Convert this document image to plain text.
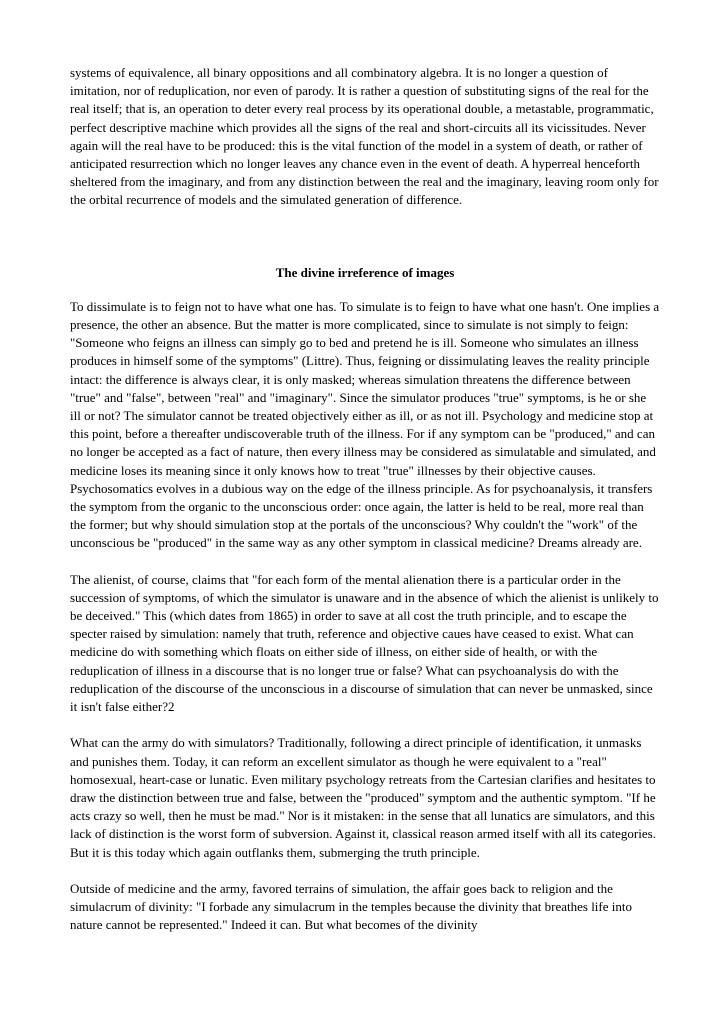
systems of equivalence, all binary oppositions and all combinatory algebra. It is no longer a question of imitation, nor of reduplication, nor even of parody. It is rather a question of substituting signs of the real for the real itself; that is, an operation to deter every real process by its operational double, a metastable, programmatic, perfect descriptive machine which provides all the signs of the real and short-circuits all its vicissitudes. Never again will the real have to be produced: this is the vital function of the model in a system of death, or rather of anticipated resurrection which no longer leaves any chance even in the event of death. A hyperreal henceforth sheltered from the imaginary, and from any distinction between the real and the imaginary, leaving room only for the orbital recurrence of models and the simulated generation of difference.

The divine irreference of images

To dissimulate is to feign not to have what one has. To simulate is to feign to have what one hasn't. One implies a presence, the other an absence. But the matter is more complicated, since to simulate is not simply to feign: "Someone who feigns an illness can simply go to bed and pretend he is ill. Someone who simulates an illness produces in himself some of the symptoms" (Littre). Thus, feigning or dissimulating leaves the reality principle intact: the difference is always clear, it is only masked; whereas simulation threatens the difference between "true" and "false", between "real" and "imaginary". Since the simulator produces "true" symptoms, is he or she ill or not? The simulator cannot be treated objectively either as ill, or as not ill. Psychology and medicine stop at this point, before a thereafter undiscoverable truth of the illness. For if any symptom can be "produced," and can no longer be accepted as a fact of nature, then every illness may be considered as simulatable and simulated, and medicine loses its meaning since it only knows how to treat "true" illnesses by their objective causes. Psychosomatics evolves in a dubious way on the edge of the illness principle. As for psychoanalysis, it transfers the symptom from the organic to the unconscious order: once again, the latter is held to be real, more real than the former; but why should simulation stop at the portals of the unconscious? Why couldn't the "work" of the unconscious be "produced" in the same way as any other symptom in classical medicine? Dreams already are.

The alienist, of course, claims that "for each form of the mental alienation there is a particular order in the succession of symptoms, of which the simulator is unaware and in the absence of which the alienist is unlikely to be deceived." This (which dates from 1865) in order to save at all cost the truth principle, and to escape the specter raised by simulation: namely that truth, reference and objective caues have ceased to exist. What can medicine do with something which floats on either side of illness, on either side of health, or with the reduplication of illness in a discourse that is no longer true or false? What can psychoanalysis do with the reduplication of the discourse of the unconscious in a discourse of simulation that can never be unmasked, since it isn't false either?2

What can the army do with simulators? Traditionally, following a direct principle of identification, it unmasks and punishes them. Today, it can reform an excellent simulator as though he were equivalent to a "real" homosexual, heart-case or lunatic. Even military psychology retreats from the Cartesian clarifies and hesitates to draw the distinction between true and false, between the "produced" symptom and the authentic symptom. "If he acts crazy so well, then he must be mad." Nor is it mistaken: in the sense that all lunatics are simulators, and this lack of distinction is the worst form of subversion. Against it, classical reason armed itself with all its categories. But it is this today which again outflanks them, submerging the truth principle.

Outside of medicine and the army, favored terrains of simulation, the affair goes back to religion and the simulacrum of divinity: "I forbade any simulacrum in the temples because the divinity that breathes life into nature cannot be represented." Indeed it can. But what becomes of the divinity
